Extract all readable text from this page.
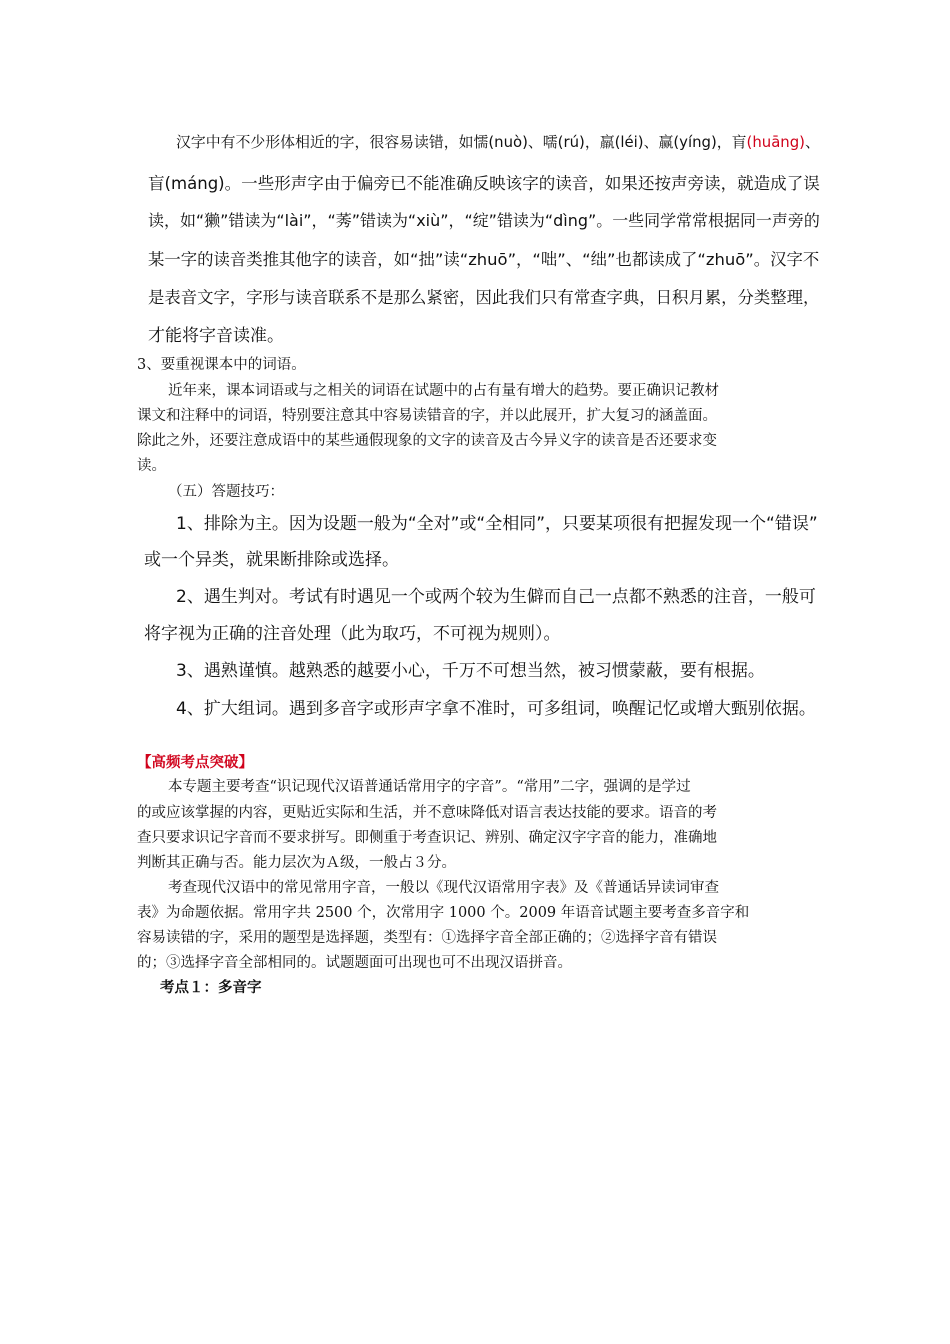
汉字中有不少形体相近的字，很容易读错，如懦(nuò)、嚅(rú)，羸(léi)、赢(yíng)，肓(huāng)、
盲(máng)。一些形声字由于偏旁已不能准确反映该字的读音，如果还按声旁读，就造成了误
读，如“獭”错读为“lài”，“莠”错读为“xiù”，“绽”错读为“dìng”。一些同学常常根据同一声旁的
某一字的读音类推其他字的读音，如“拙”读“zhuō”，“咄”、“绌”也都读成了“zhuō”。汉字不
是表音文字，字形与读音联系不是那么紧密，因此我们只有常查字典，日积月累，分类整理，
才能将字音读准。
3、要重视课本中的词语。
近年来，课本词语或与之相关的词语在试题中的占有量有增大的趋势。要正确识记教材
课文和注释中的词语，特别要注意其中容易读错音的字，并以此展开，扩大复习的涵盖面。
除此之外，还要注意成语中的某些通假现象的文字的读音及古今异义字的读音是否还要求变
读。
（五）答题技巧：
1、排除为主。因为设题一般为“全对”或“全相同”，只要某项很有把握发现一个“错误”
或一个异类，就果断排除或选择。
2、遇生判对。考试有时遇见一个或两个较为生僻而自己一点都不熟悉的注音，一般可
将字视为正确的注音处理（此为取巧，不可视为规则）。
3、遇熟谨慎。越熟悉的越要小心，千万不可想当然，被习惯蒙蔽，要有根据。
4、扩大组词。遇到多音字或形声字拿不准时，可多组词，唤醒记忆或增大甄别依据。
【高频考点突破】
本专题主要考查“识记现代汉语普通话常用字的字音”。“常用”二字，强调的是学过
的或应该掌握的内容，更贴近实际和生活，并不意味降低对语言表达技能的要求。语音的考
查只要求识记字音而不要求拼写。即侧重于考查识记、辨别、确定汉字字音的能力，准确地
判断其正确与否。能力层次为Ａ级，一般占３分。
考查现代汉语中的常见常用字音，一般以《现代汉语常用字表》及《普通话异读词审查
表》为命题依据。常用字共 2500 个，次常用字 1000 个。2009 年语音试题主要考查多音字和
容易读错的字，采用的题型是选择题，类型有：①选择字音全部正确的；②选择字音有错误
的；③选择字音全部相同的。试题题面可出现也可不出现汉语拼音。
考点１：多音字
